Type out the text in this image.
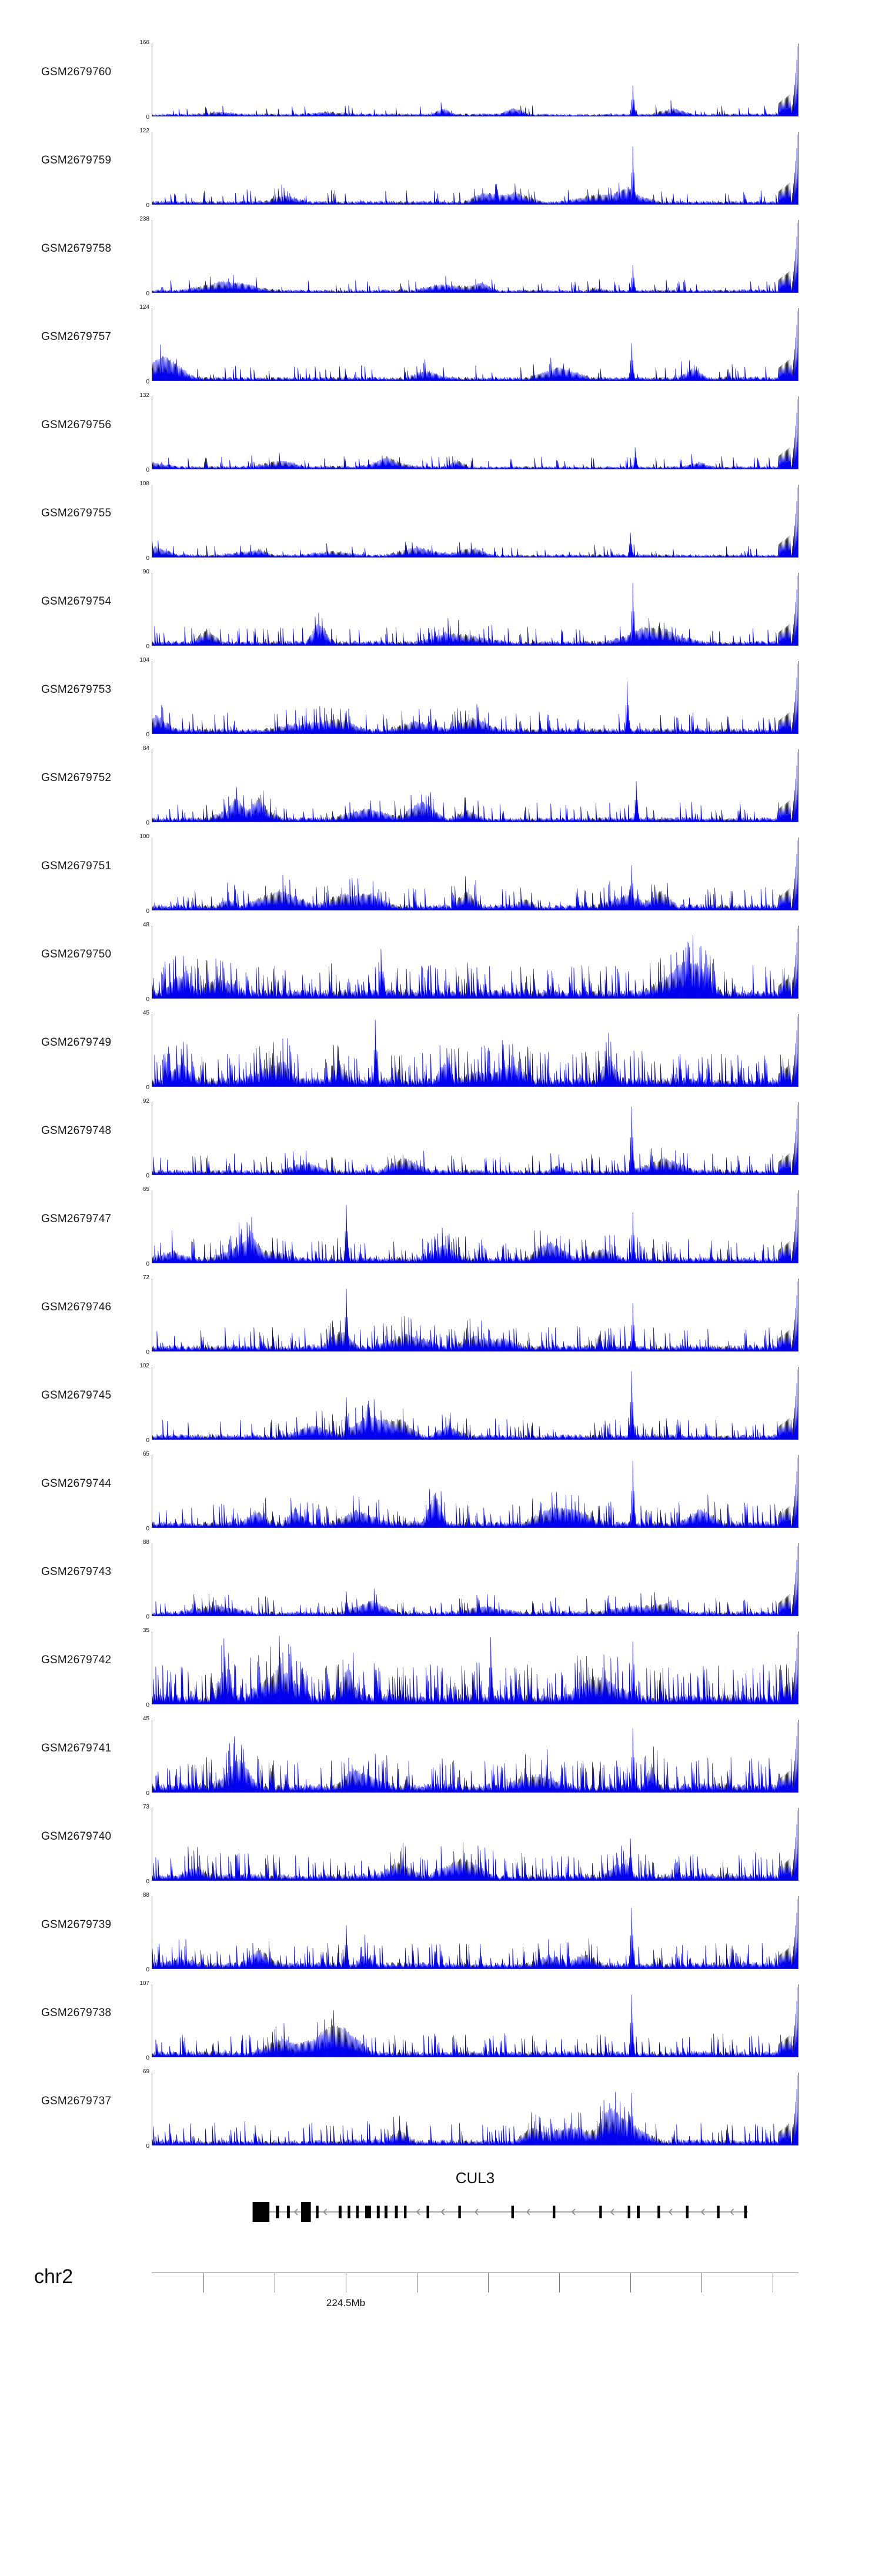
GSM2679760
166
0
GSM2679759
122
0
GSM2679758
238
0
GSM2679757
124
0
GSM2679756
132
0
GSM2679755
108
0
GSM2679754
90
0
GSM2679753
104
0
GSM2679752
84
0
GSM2679751
100
0
GSM2679750
48
0
GSM2679749
45
0
GSM2679748
92
0
GSM2679747
65
0
GSM2679746
72
0
GSM2679745
102
0
GSM2679744
65
0
GSM2679743
88
0
GSM2679742
35
0
GSM2679741
45
0
GSM2679740
73
0
GSM2679739
88
0
GSM2679738
107
0
GSM2679737
69
0
CUL3
chr2
224.5Mb
